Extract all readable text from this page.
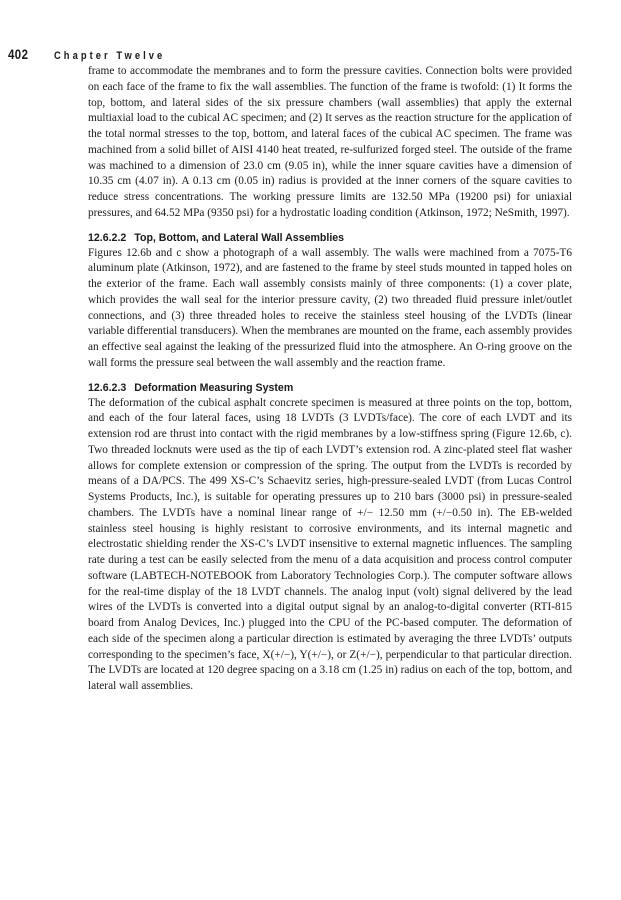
402 Chapter Twelve

frame to accommodate the membranes and to form the pressure cavities. Connection bolts were provided on each face of the frame to fix the wall assemblies. The function of the frame is twofold: (1) It forms the top, bottom, and lateral sides of the six pressure chambers (wall assemblies) that apply the external multiaxial load to the cubical AC specimen; and (2) It serves as the reaction structure for the application of the total normal stresses to the top, bottom, and lateral faces of the cubical AC specimen. The frame was machined from a solid billet of AISI 4140 heat treated, re-sulfurized forged steel. The outside of the frame was machined to a dimension of 23.0 cm (9.05 in), while the inner square cavities have a dimension of 10.35 cm (4.07 in). A 0.13 cm (0.05 in) radius is provided at the inner corners of the square cavities to reduce stress concentrations. The working pressure limits are 132.50 MPa (19200 psi) for uniaxial pressures, and 64.52 MPa (9350 psi) for a hydrostatic loading condition (Atkinson, 1972; NeSmith, 1997).

12.6.2.2 Top, Bottom, and Lateral Wall Assemblies

Figures 12.6b and c show a photograph of a wall assembly. The walls were machined from a 7075-T6 aluminum plate (Atkinson, 1972), and are fastened to the frame by steel studs mounted in tapped holes on the exterior of the frame. Each wall assembly consists mainly of three components: (1) a cover plate, which provides the wall seal for the interior pressure cavity, (2) two threaded fluid pressure inlet/outlet connections, and (3) three threaded holes to receive the stainless steel housing of the LVDTs (linear variable differential transducers). When the membranes are mounted on the frame, each assembly provides an effective seal against the leaking of the pressurized fluid into the atmosphere. An O-ring groove on the wall forms the pressure seal between the wall assembly and the reaction frame.

12.6.2.3 Deformation Measuring System

The deformation of the cubical asphalt concrete specimen is measured at three points on the top, bottom, and each of the four lateral faces, using 18 LVDTs (3 LVDTs/face). The core of each LVDT and its extension rod are thrust into contact with the rigid membranes by a low-stiffness spring (Figure 12.6b, c). Two threaded locknuts were used as the tip of each LVDT’s extension rod. A zinc-plated steel flat washer allows for complete extension or compression of the spring. The output from the LVDTs is recorded by means of a DA/PCS. The 499 XS-C’s Schaevitz series, high-pressure-sealed LVDT (from Lucas Control Systems Products, Inc.), is suitable for operating pressures up to 210 bars (3000 psi) in pressure-sealed chambers. The LVDTs have a nominal linear range of +/− 12.50 mm (+/−0.50 in). The EB-welded stainless steel housing is highly resistant to corrosive environments, and its internal magnetic and electrostatic shielding render the XS-C’s LVDT insensitive to external magnetic influences. The sampling rate during a test can be easily selected from the menu of a data acquisition and process control computer software (LABTECH-NOTEBOOK from Laboratory Technologies Corp.). The computer software allows for the real-time display of the 18 LVDT channels. The analog input (volt) signal delivered by the lead wires of the LVDTs is converted into a digital output signal by an analog-to-digital converter (RTI-815 board from Analog Devices, Inc.) plugged into the CPU of the PC-based computer. The deformation of each side of the specimen along a particular direction is estimated by averaging the three LVDTs’ outputs corresponding to the specimen’s face, X(+/−), Y(+/−), or Z(+/−), perpendicular to that particular direction. The LVDTs are located at 120 degree spacing on a 3.18 cm (1.25 in) radius on each of the top, bottom, and lateral wall assemblies.
